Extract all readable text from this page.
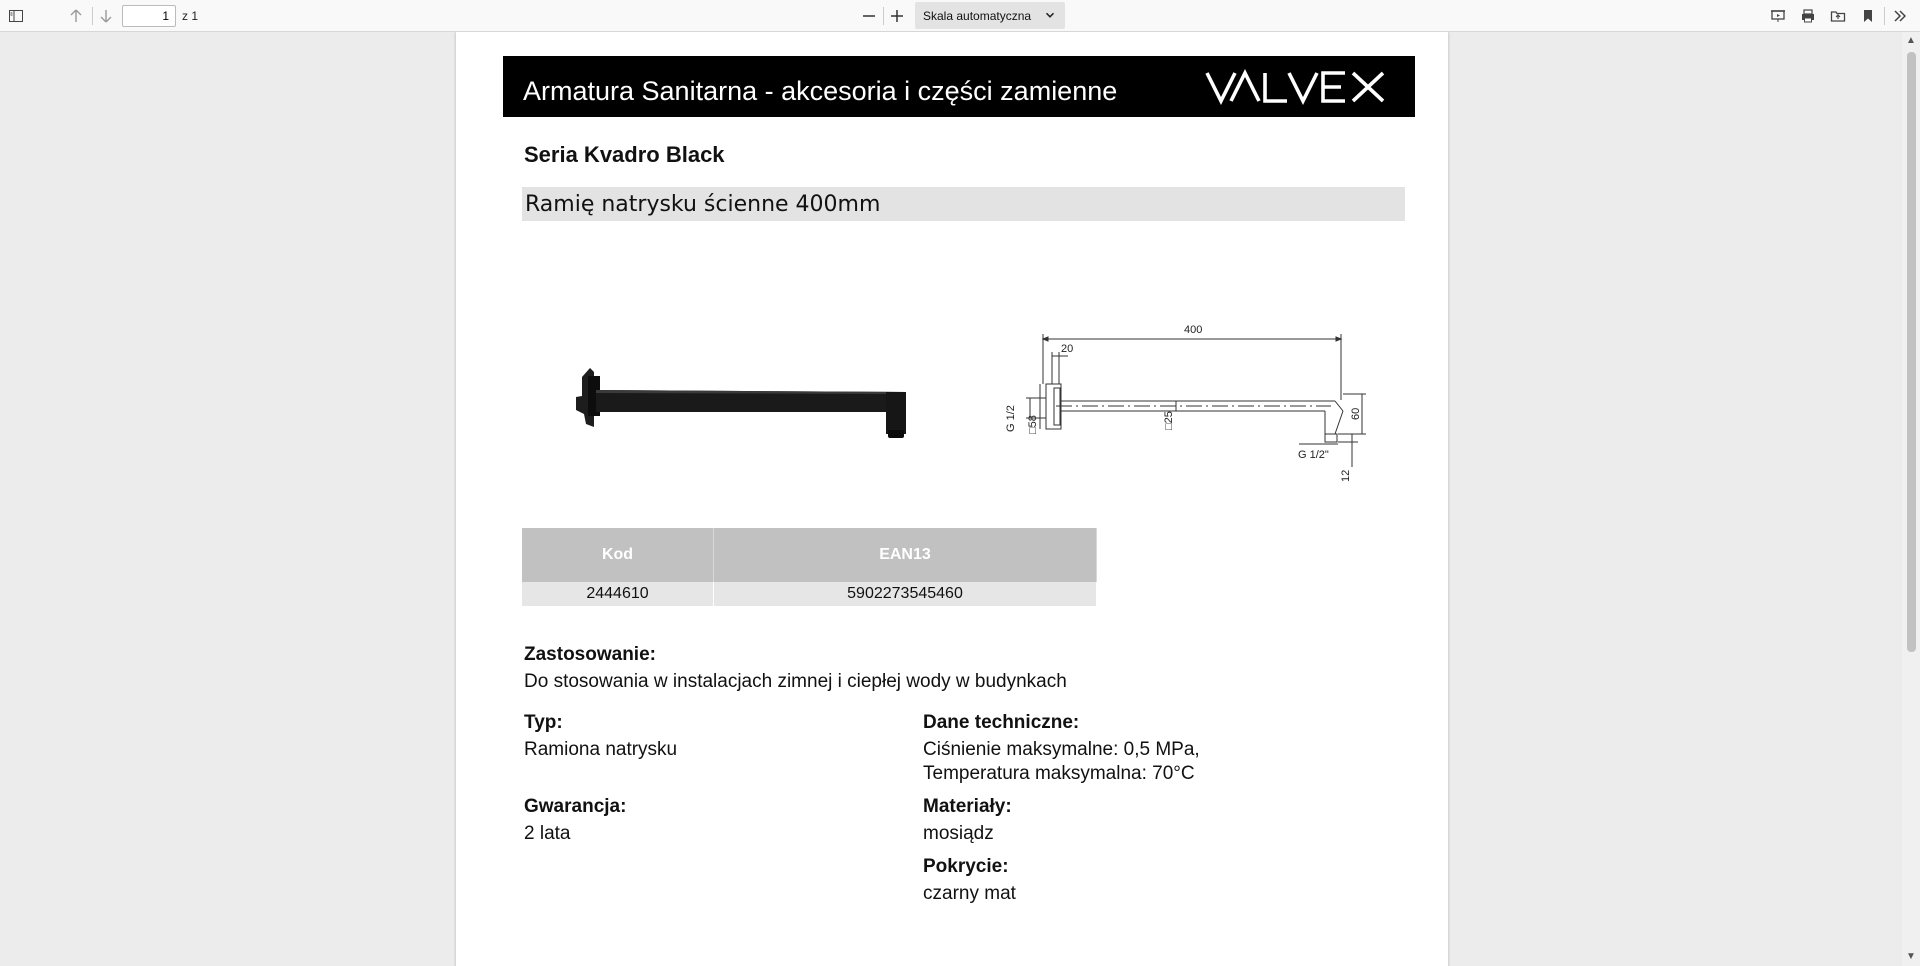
1
z 1	Skala automatyczna
Armatura Sanitarna - akcesoria i części zamienne
Seria Kvadro Black
Ramię natrysku ścienne 400mm
400
20
G 1/2 □58	□25	60
G 1/2"
12
Kod	EAN13
2444610	5902273545460
Zastosowanie:
Do stosowania w instalacjach zimnej i ciepłej wody w budynkach
Typ:
Ramiona natrysku
Dane techniczne:
Ciśnienie maksymalne: 0,5 MPa,
Temperatura maksymalna: 70°C
Gwarancja:
2 lata
Materiały:
mosiądz
Pokrycie:
czarny mat
▲
▼
